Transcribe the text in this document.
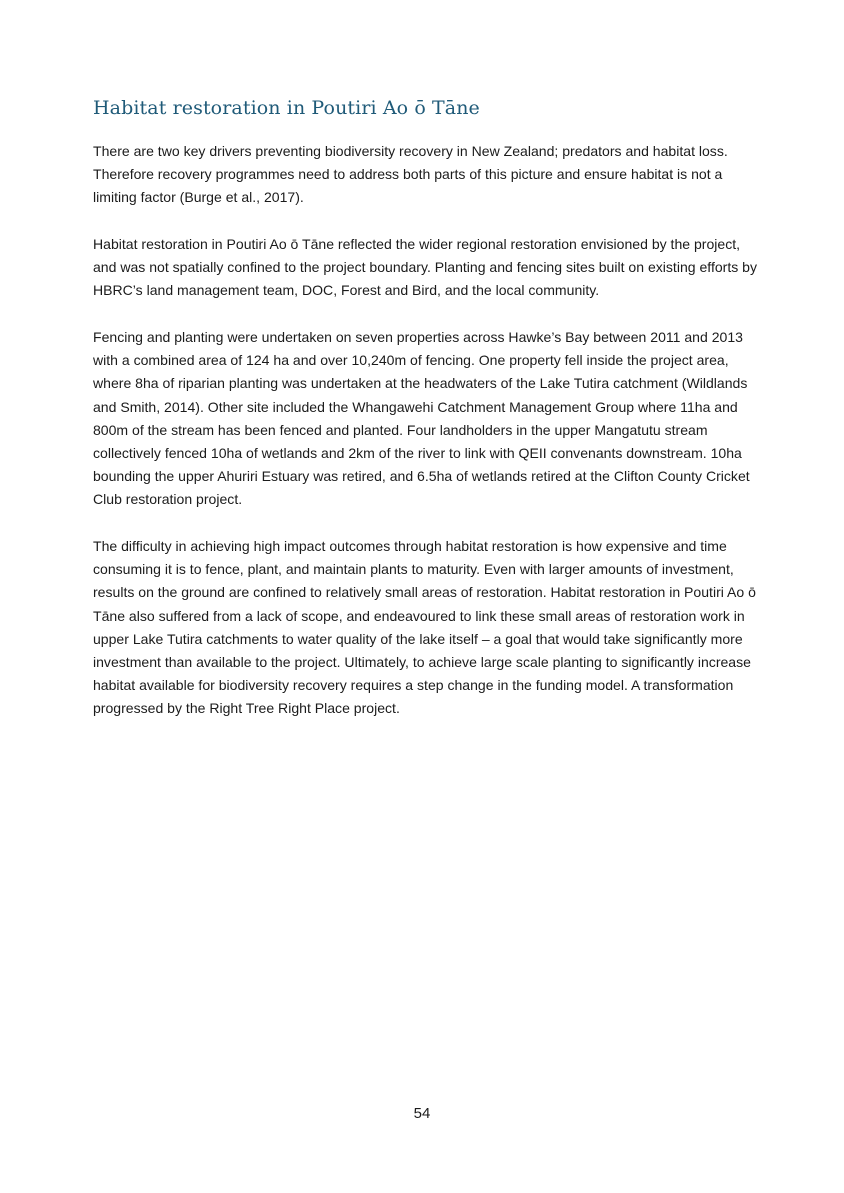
Habitat restoration in Poutiri Ao ō Tāne

There are two key drivers preventing biodiversity recovery in New Zealand; predators and habitat loss. Therefore recovery programmes need to address both parts of this picture and ensure habitat is not a limiting factor (Burge et al., 2017).

Habitat restoration in Poutiri Ao ō Tāne reflected the wider regional restoration envisioned by the project, and was not spatially confined to the project boundary. Planting and fencing sites built on existing efforts by HBRC’s land management team, DOC, Forest and Bird, and the local community.

Fencing and planting were undertaken on seven properties across Hawke’s Bay between 2011 and 2013 with a combined area of 124 ha and over 10,240m of fencing. One property fell inside the project area, where 8ha of riparian planting was undertaken at the headwaters of the Lake Tutira catchment (Wildlands and Smith, 2014). Other site included the Whangawehi Catchment Management Group where 11ha and 800m of the stream has been fenced and planted. Four landholders in the upper Mangatutu stream collectively fenced 10ha of wetlands and 2km of the river to link with QEII convenants downstream. 10ha bounding the upper Ahuriri Estuary was retired, and 6.5ha of wetlands retired at the Clifton County Cricket Club restoration project.

The difficulty in achieving high impact outcomes through habitat restoration is how expensive and time consuming it is to fence, plant, and maintain plants to maturity. Even with larger amounts of investment, results on the ground are confined to relatively small areas of restoration. Habitat restoration in Poutiri Ao ō Tāne also suffered from a lack of scope, and endeavoured to link these small areas of restoration work in upper Lake Tutira catchments to water quality of the lake itself – a goal that would take significantly more investment than available to the project. Ultimately, to achieve large scale planting to significantly increase habitat available for biodiversity recovery requires a step change in the funding model. A transformation progressed by the Right Tree Right Place project.

54
